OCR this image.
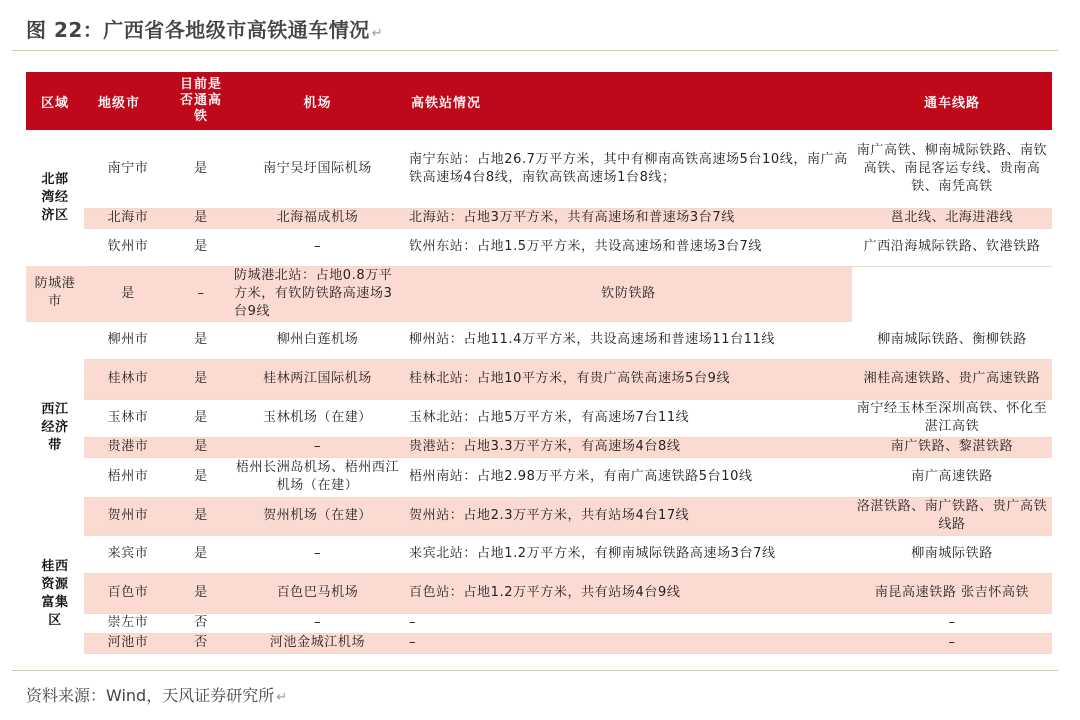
图 22：广西省各地级市高铁通车情况 ↵
区域	地级市	目前是否通高铁	机场	高铁站情况	通车线路

北部湾经济区	南宁市	是	南宁吴圩国际机场	南宁东站：占地26.7万平方米，其中有柳南高铁高速场5台10线，南广高铁高速场4台8线，南钦高铁高速场1台8线；	南广高铁、柳南城际铁路、南钦高铁、南昆客运专线、贵南高铁、南凭高铁
	北海市	是	北海福成机场	北海站：占地3万平方米，共有高速场和普速场3台7线	邕北线、北海进港线
	钦州市	是	–	钦州东站：占地1.5万平方米，共设高速场和普速场3台7线	广西沿海城际铁路、钦港铁路
防城港市	是	–	防城港北站：占地0.8万平方米，有钦防铁路高速场3台9线	钦防铁路	

西江经济带	柳州市	是	柳州白莲机场	柳州站：占地11.4万平方米，共设高速场和普速场11台11线	柳南城际铁路、衡柳铁路
	桂林市	是	桂林两江国际机场	桂林北站：占地10平方米，有贵广高铁高速场5台9线	湘桂高速铁路、贵广高速铁路
	玉林市	是	玉林机场（在建）	玉林北站：占地5万平方米，有高速场7台11线	南宁经玉林至深圳高铁、怀化至湛江高铁
	贵港市	是	–	贵港站：占地3.3万平方米，有高速场4台8线	南广铁路、黎湛铁路
	梧州市	是	梧州长洲岛机场、梧州西江机场（在建）	梧州南站：占地2.98万平方米，有南广高速铁路5台10线	南广高速铁路
	贺州市	是	贺州机场（在建）	贺州站：占地2.3万平方米，共有站场4台17线	洛湛铁路、南广铁路、贵广高铁线路

桂西资源富集区	来宾市	是	–	来宾北站：占地1.2万平方米，有柳南城际铁路高速场3台7线	柳南城际铁路
	百色市	是	百色巴马机场	百色站：占地1.2万平方米，共有站场4台9线	南昆高速铁路 张吉怀高铁
	崇左市	否	–	–	–
	河池市	否	河池金城江机场	–	–
资料来源：Wind，天风证券研究所 ↵
